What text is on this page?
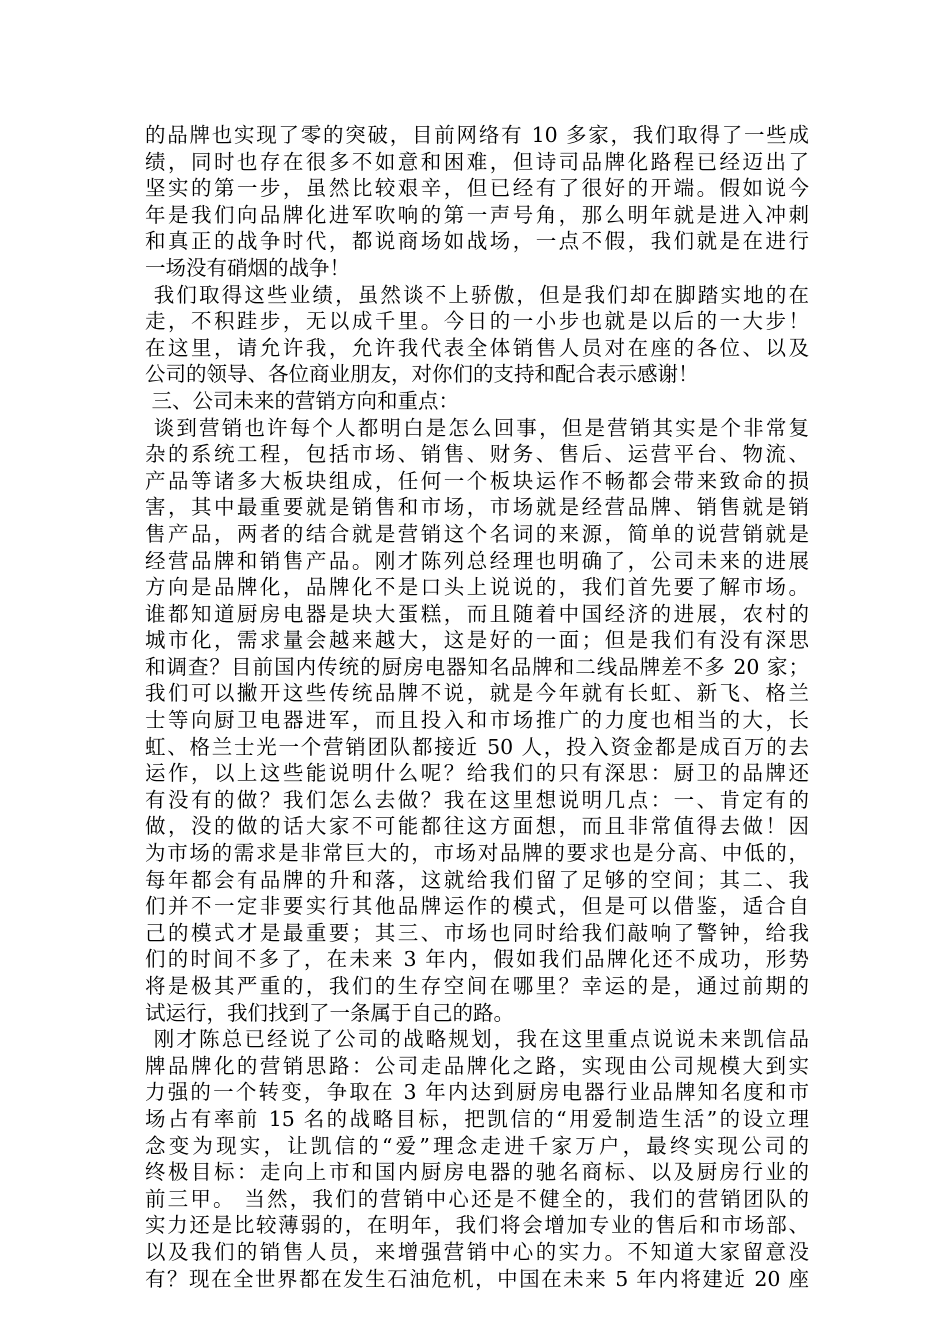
的品牌也实现了零的突破，目前网络有 10 多家，我们取得了一些成
绩，同时也存在很多不如意和困难，但诗司品牌化路程已经迈出了
坚实的第一步，虽然比较艰辛，但已经有了很好的开端。假如说今
年是我们向品牌化进军吹响的第一声号角，那么明年就是进入冲刺
和真正的战争时代，都说商场如战场，一点不假，我们就是在进行
一场没有硝烟的战争！
我们取得这些业绩，虽然谈不上骄傲，但是我们却在脚踏实地的在
走，不积跬步，无以成千里。今日的一小步也就是以后的一大步！
在这里，请允许我，允许我代表全体销售人员对在座的各位、以及
公司的领导、各位商业朋友，对你们的支持和配合表示感谢！
三、公司未来的营销方向和重点：
谈到营销也许每个人都明白是怎么回事，但是营销其实是个非常复
杂的系统工程，包括市场、销售、财务、售后、运营平台、物流、
产品等诸多大板块组成，任何一个板块运作不畅都会带来致命的损
害，其中最重要就是销售和市场，市场就是经营品牌、销售就是销
售产品，两者的结合就是营销这个名词的来源，简单的说营销就是
经营品牌和销售产品。刚才陈列总经理也明确了，公司未来的进展
方向是品牌化，品牌化不是口头上说说的，我们首先要了解市场。
谁都知道厨房电器是块大蛋糕，而且随着中国经济的进展，农村的
城市化，需求量会越来越大，这是好的一面；但是我们有没有深思
和调查？目前国内传统的厨房电器知名品牌和二线品牌差不多 20 家；
我们可以撇开这些传统品牌不说，就是今年就有长虹、新飞、格兰
士等向厨卫电器进军，而且投入和市场推广的力度也相当的大，长
虹、格兰士光一个营销团队都接近 50 人，投入资金都是成百万的去
运作，以上这些能说明什么呢？给我们的只有深思：厨卫的品牌还
有没有的做？我们怎么去做？我在这里想说明几点：一、肯定有的
做，没的做的话大家不可能都往这方面想，而且非常值得去做！因
为市场的需求是非常巨大的，市场对品牌的要求也是分高、中低的，
每年都会有品牌的升和落，这就给我们留了足够的空间；其二、我
们并不一定非要实行其他品牌运作的模式，但是可以借鉴，适合自
己的模式才是最重要；其三、市场也同时给我们敲响了警钟，给我
们的时间不多了，在未来 3 年内，假如我们品牌化还不成功，形势
将是极其严重的，我们的生存空间在哪里？幸运的是，通过前期的
试运行，我们找到了一条属于自己的路。
刚才陈总已经说了公司的战略规划，我在这里重点说说未来凯信品
牌品牌化的营销思路：公司走品牌化之路，实现由公司规模大到实
力强的一个转变，争取在 3 年内达到厨房电器行业品牌知名度和市
场占有率前 15 名的战略目标，把凯信的“用爱制造生活”的设立理
念变为现实，让凯信的“爱”理念走进千家万户，最终实现公司的
终极目标：走向上市和国内厨房电器的驰名商标、以及厨房行业的
前三甲。 当然，我们的营销中心还是不健全的，我们的营销团队的
实力还是比较薄弱的，在明年，我们将会增加专业的售后和市场部、
以及我们的销售人员，来增强营销中心的实力。不知道大家留意没
有？现在全世界都在发生石油危机，中国在未来 5 年内将建近 20 座
